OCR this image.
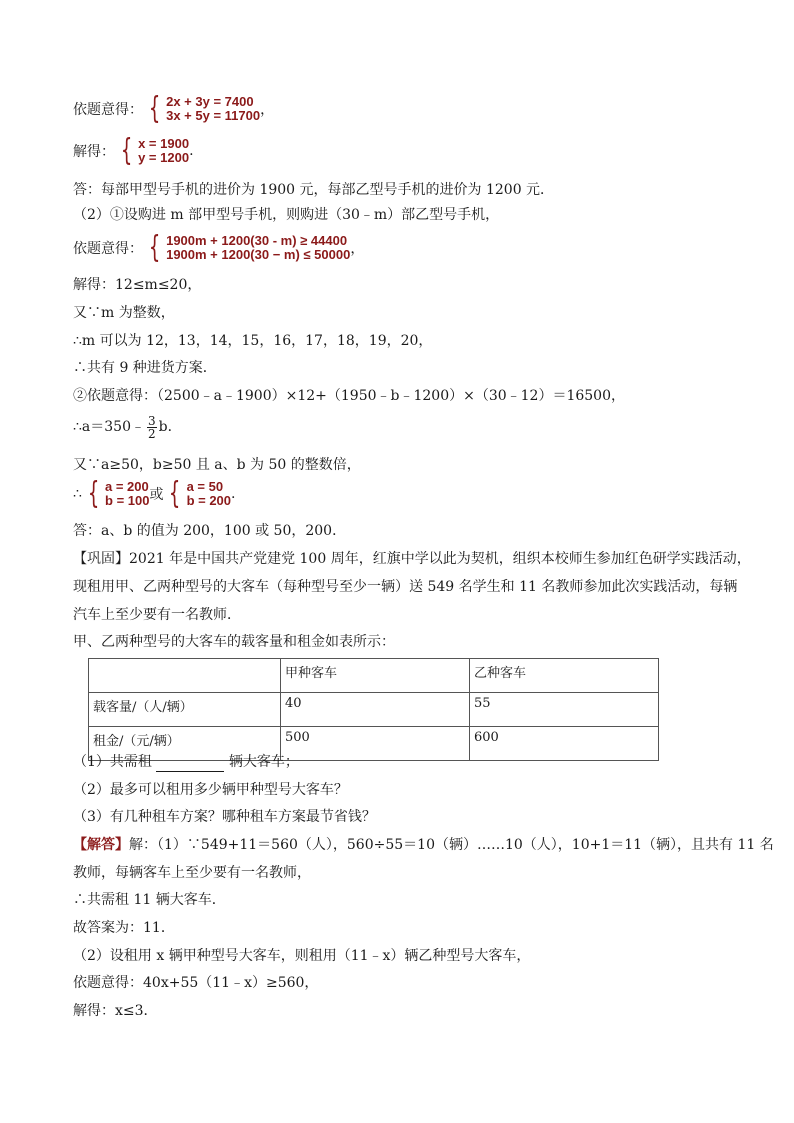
依题意得： { 2x + 3y = 7400
3x + 5y = 11700 ，
解得： { x = 1900
y = 1200 .
答：每部甲型号手机的进价为 1900 元，每部乙型号手机的进价为 1200 元．
（2）①设购进 m 部甲型号手机，则购进（30﹣m）部乙型号手机，
依题意得： { 1900m + 1200(30 - m) ≥ 44400
1900m + 1200(30 − m) ≤ 50000 ，
解得：12≤m≤20，
又∵m 为整数，
∴m 可以为 12，13，14，15，16，17，18，19，20，
∴共有 9 种进货方案．
②依题意得：（2500﹣a﹣1900）×12+（1950﹣b﹣1200）×（30﹣12）＝16500，
∴a＝350﹣ $\frac{3}{2}$ b．
又∵a≥50，b≥50 且 a、b 为 50 的整数倍，
∴ { a = 200
b = 100 或 { a = 50
b = 200 .
答：a、b 的值为 200，100 或 50，200．
【巩固】2021 年是中国共产党建党 100 周年，红旗中学以此为契机，组织本校师生参加红色研学实践活动，
现租用甲、乙两种型号的大客车（每种型号至少一辆）送 549 名学生和 11 名教师参加此次实践活动，每辆
汽车上至少要有一名教师．
甲、乙两种型号的大客车的载客量和租金如表所示：
	甲种客车	乙种客车
载客量/（人/辆）	40	55
租金/（元/辆）	500	600
（1）共需租	辆大客车；
（2）最多可以租用多少辆甲种型号大客车？
（3）有几种租车方案？哪种租车方案最节省钱？
【解答】解：（1）∵549+11＝560（人），560÷55＝10（辆）……10（人），10+1＝11（辆），且共有 11 名
教师，每辆客车上至少要有一名教师，
∴共需租 11 辆大客车．
故答案为：11．
（2）设租用 x 辆甲种型号大客车，则租用（11﹣x）辆乙种型号大客车，
依题意得：40x+55（11﹣x）≥560，
解得：x≤3．
